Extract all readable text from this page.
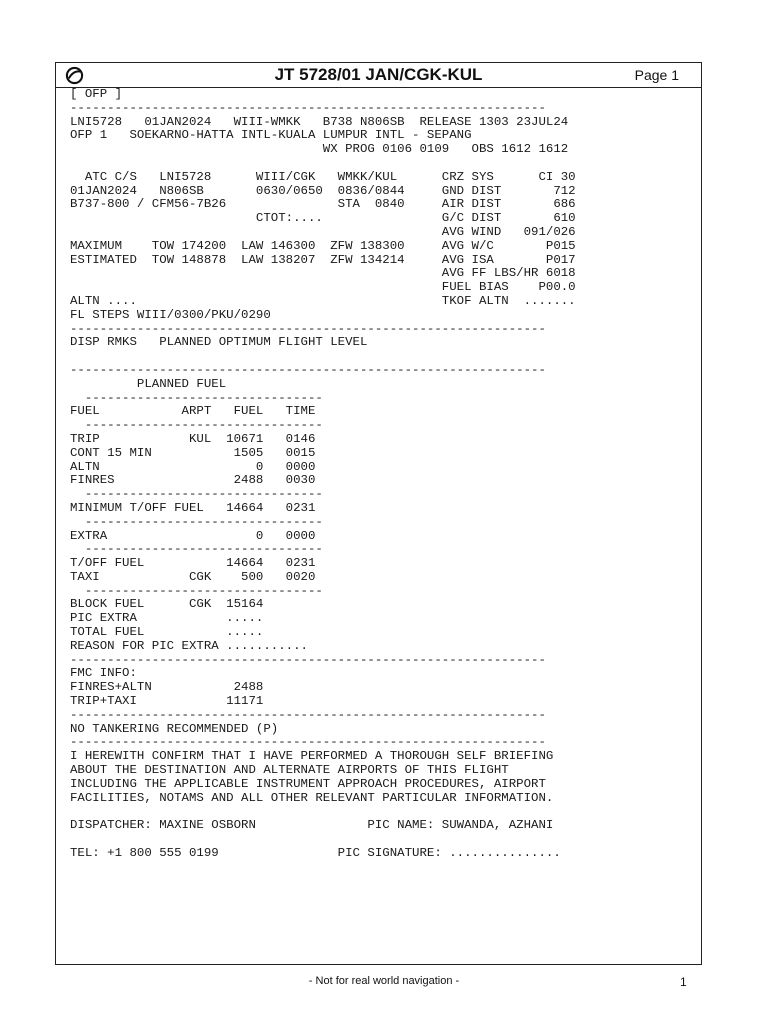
JT 5728/01 JAN/CGK-KUL	Page 1
[ OFP ]
----------------------------------------------------------------
LNI5728   01JAN2024   WIII-WMKK   B738 N806SB  RELEASE 1303 23JUL24
OFP 1   SOEKARNO-HATTA INTL-KUALA LUMPUR INTL - SEPANG
WX PROG 0106 0109   OBS 1612 1612

ATC C/S   LNI5728      WIII/CGK   WMKK/KUL      CRZ SYS      CI 30
01JAN2024   N806SB       0630/0650  0836/0844     GND DIST       712
B737-800 / CFM56-7B26               STA  0840     AIR DIST       686
CTOT:....                G/C DIST       610
AVG WIND   091/026
MAXIMUM    TOW 174200  LAW 146300  ZFW 138300     AVG W/C       P015
ESTIMATED  TOW 148878  LAW 138207  ZFW 134214     AVG ISA       P017
AVG FF LBS/HR 6018
FUEL BIAS    P00.0
ALTN ....                                         TKOF ALTN  .......
FL STEPS WIII/0300/PKU/0290
----------------------------------------------------------------
DISP RMKS   PLANNED OPTIMUM FLIGHT LEVEL

----------------------------------------------------------------
PLANNED FUEL
--------------------------------
FUEL           ARPT   FUEL   TIME
--------------------------------
TRIP            KUL  10671   0146
CONT 15 MIN           1505   0015
ALTN                     0   0000
FINRES                2488   0030
--------------------------------
MINIMUM T/OFF FUEL   14664   0231
--------------------------------
EXTRA                    0   0000
--------------------------------
T/OFF FUEL           14664   0231
TAXI            CGK    500   0020
--------------------------------
BLOCK FUEL      CGK  15164
PIC EXTRA            .....
TOTAL FUEL           .....
REASON FOR PIC EXTRA ...........
----------------------------------------------------------------
FMC INFO:
FINRES+ALTN           2488
TRIP+TAXI            11171
----------------------------------------------------------------
NO TANKERING RECOMMENDED (P)
----------------------------------------------------------------
I HEREWITH CONFIRM THAT I HAVE PERFORMED A THOROUGH SELF BRIEFING
ABOUT THE DESTINATION AND ALTERNATE AIRPORTS OF THIS FLIGHT
INCLUDING THE APPLICABLE INSTRUMENT APPROACH PROCEDURES, AIRPORT
FACILITIES, NOTAMS AND ALL OTHER RELEVANT PARTICULAR INFORMATION.

DISPATCHER: MAXINE OSBORN               PIC NAME: SUWANDA, AZHANI

TEL: +1 800 555 0199                PIC SIGNATURE: ...............

- Not for real world navigation -	1
